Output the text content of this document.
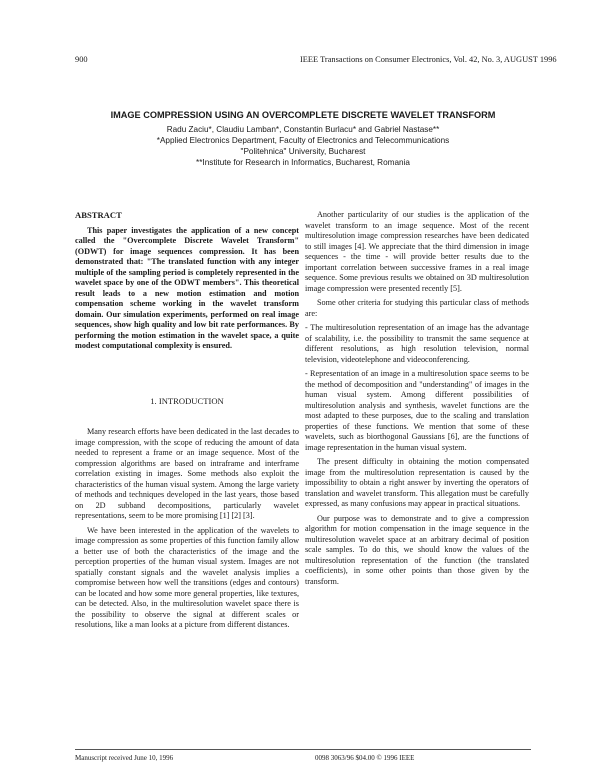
900	IEEE Transactions on Consumer Electronics, Vol. 42, No. 3, AUGUST 1996
IMAGE COMPRESSION USING AN OVERCOMPLETE DISCRETE WAVELET TRANSFORM
Radu Zaciu*, Claudiu Lamban*, Constantin Burlacu* and Gabriel Nastase**
*Applied Electronics Department, Faculty of Electronics and Telecommunications
"Politehnica" University, Bucharest
**Institute for Research in Informatics, Bucharest, Romania
ABSTRACT

This paper investigates the application of a new concept called the "Overcomplete Discrete Wavelet Transform"(ODWT) for image sequences compression. It has been demonstrated that: "The translated function with any integer multiple of the sampling period is completely represented in the wavelet space by one of the ODWT members". This theoretical result leads to a new motion estimation and motion compensation scheme working in the wavelet transform domain. Our simulation experiments, performed on real image sequences, show high quality and low bit rate performances. By performing the motion estimation in the wavelet space, a quite modest computational complexity is ensured.

1. INTRODUCTION

Many research efforts have been dedicated in the last decades to image compression, with the scope of reducing the amount of data needed to represent a frame or an image sequence. Most of the compression algorithms are based on intraframe and interframe correlation existing in images. Some methods also exploit the characteristics of the human visual system. Among the large variety of methods and techniques developed in the last years, those based on 2D subband decompositions, particularly wavelet representations, seem to be more promising [1] [2] [3].

We have been interested in the application of the wavelets to image compression as some properties of this function family allow a better use of both the characteristics of the image and the perception properties of the human visual system. Images are not spatially constant signals and the wavelet analysis implies a compromise between how well the transitions (edges and contours) can be located and how some more general properties, like textures, can be detected. Also, in the multiresolution wavelet space there is the possibility to observe the signal at different scales or resolutions, like a man looks at a picture from different distances.

Another particularity of our studies is the application of the wavelet transform to an image sequence. Most of the recent multiresolution image compression researches have been dedicated to still images [4]. We appreciate that the third dimension in image sequences - the time - will provide better results due to the important correlation between successive frames in a real image sequence. Some previous results we obtained on 3D multiresolution image compression were presented recently [5].

Some other criteria for studying this particular class of methods are:

- The multiresolution representation of an image has the advantage of scalability, i.e. the possibility to transmit the same sequence at different resolutions, as high resolution television, normal television, videotelephone and videoconferencing.

- Representation of an image in a multiresolution space seems to be the method of decomposition and "understanding" of images in the human visual system. Among different possibilities of multiresolution analysis and synthesis, wavelet functions are the most adapted to these purposes, due to the scaling and translation properties of these functions. We mention that some of these wavelets, such as biorthogonal Gaussians [6], are the functions of image representation in the human visual system.

The present difficulty in obtaining the motion compensated image from the multiresolution representation is caused by the impossibility to obtain a right answer by inverting the operators of translation and wavelet transform. This allegation must be carefully expressed, as many confusions may appear in practical situations.

Our purpose was to demonstrate and to give a compression algorithm for motion compensation in the image sequence in the multiresolution wavelet space at an arbitrary decimal of position scale samples. To do this, we should know the values of the multiresolution representation of the function (the translated coefficients), in some other points than those given by the transform.

Manuscript received June 10, 1996	0098 3063/96 $04.00 © 1996 IEEE
